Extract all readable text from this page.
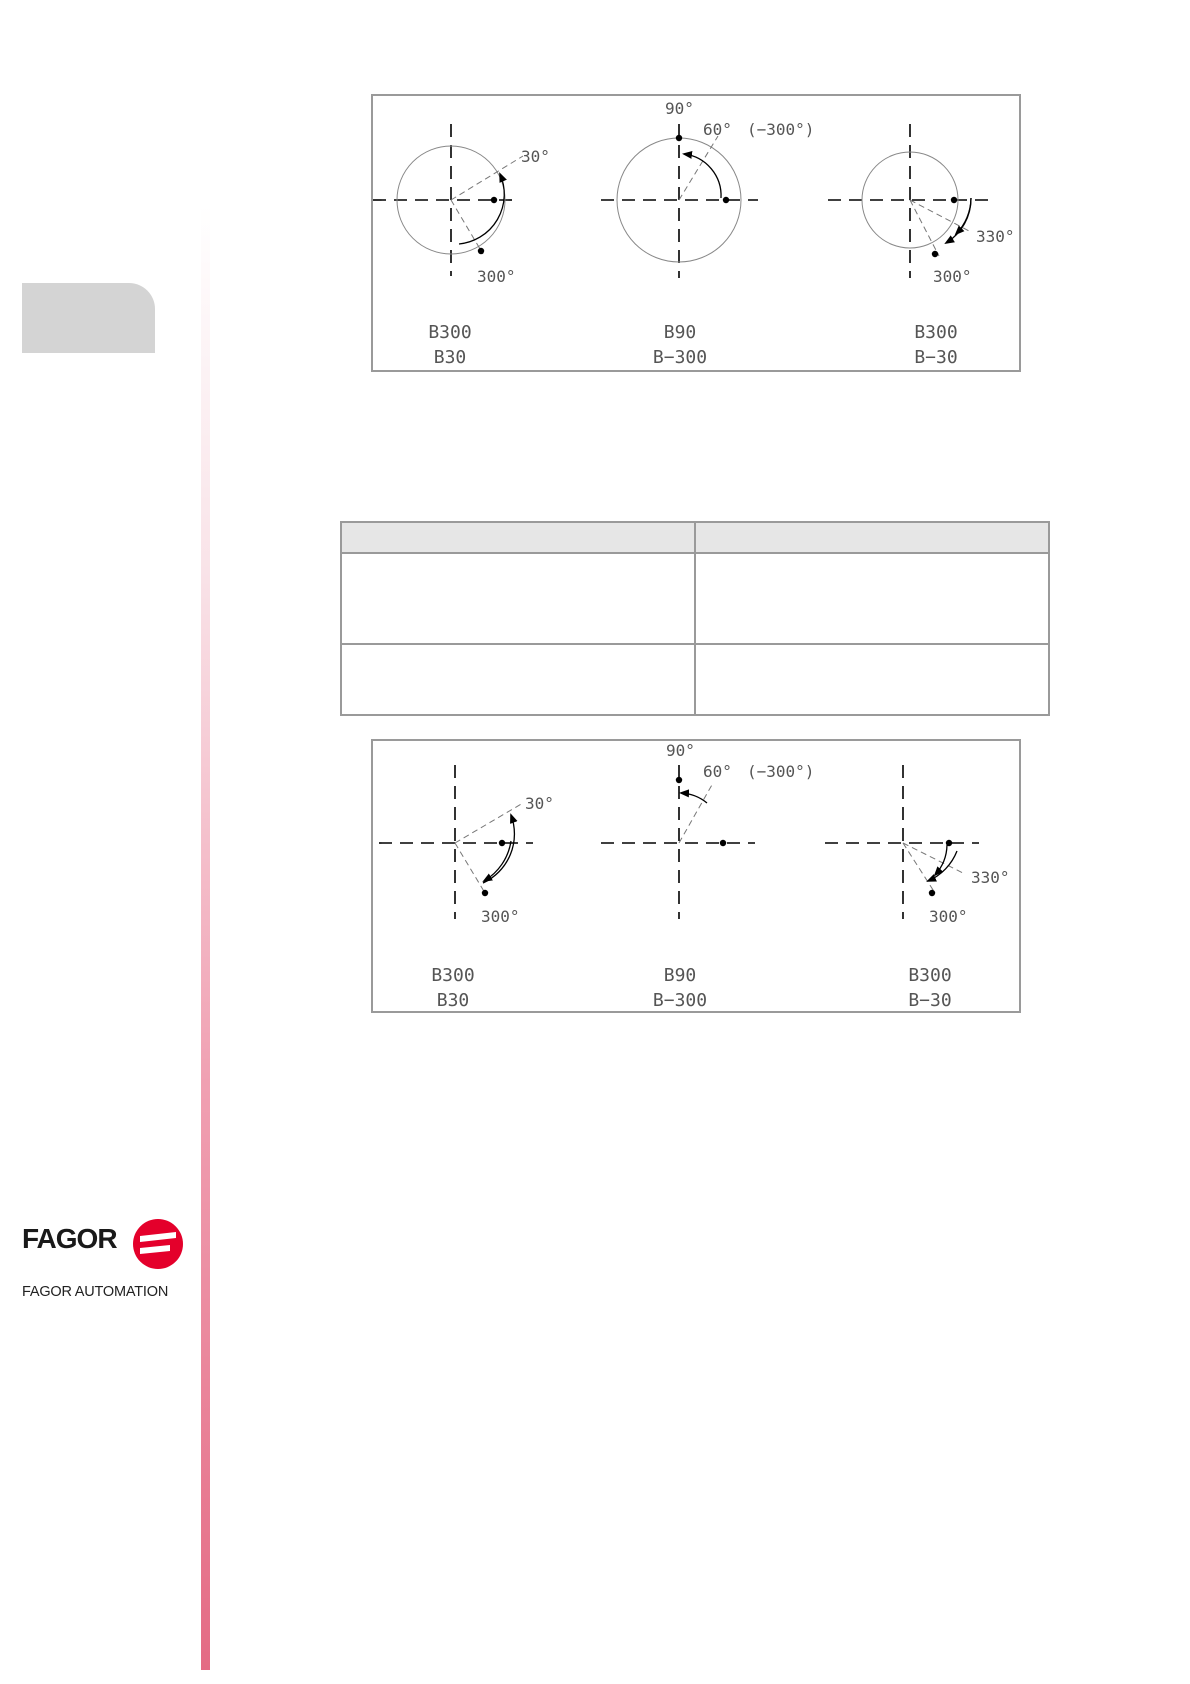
30°
300°
90°
60° (−300°)
330°
300°
B300
B30
B90
B−300
B300
B−30

30°
300°
90°
60° (−300°)
330°
300°
B300
B30
B90
B−300
B300
B−30
FAGOR
FAGOR AUTOMATION
